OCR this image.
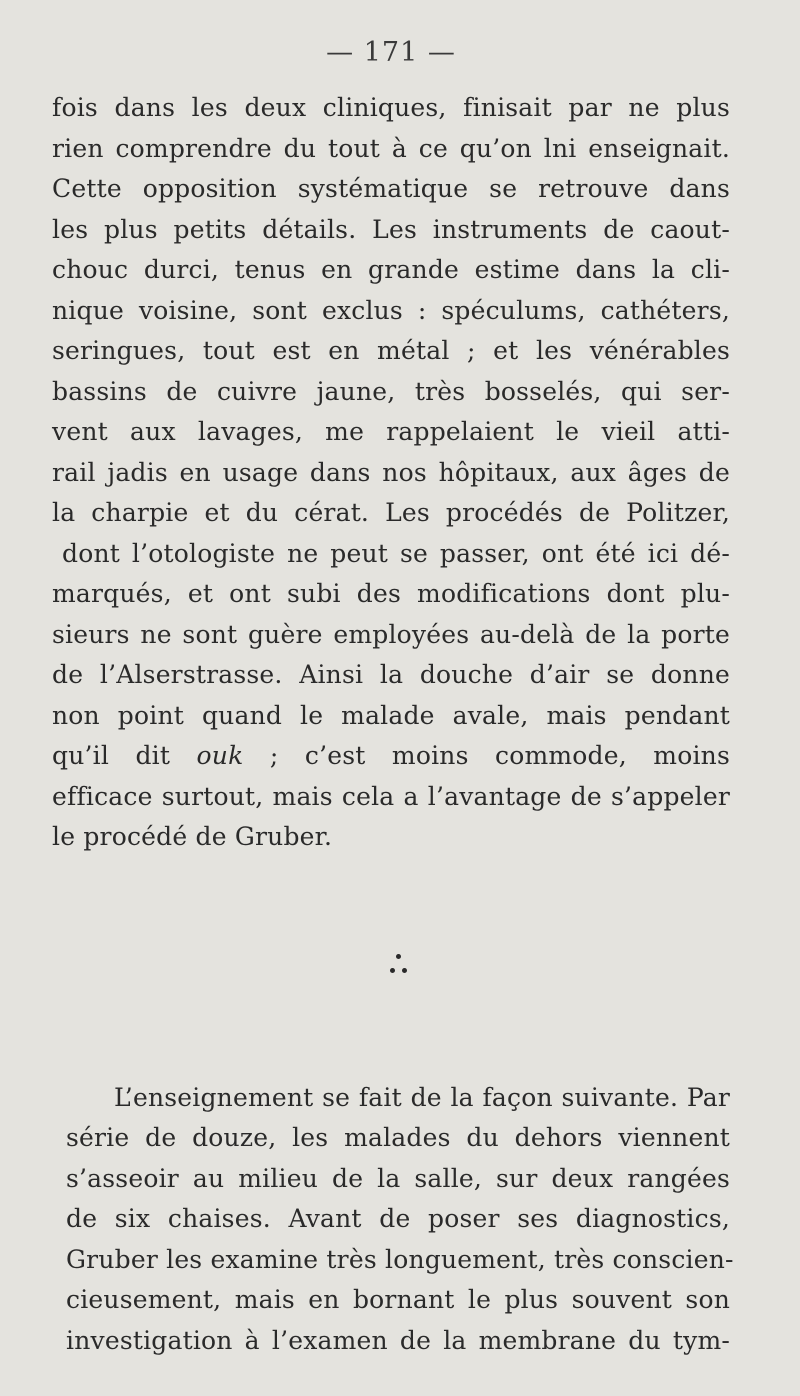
— 171 —

fois dans les deux cliniques, finisait par ne plus
rien comprendre du tout à ce qu’on lni enseignait.
Cette opposition systématique se retrouve dans
les plus petits détails. Les instruments de caout-
chouc durci, tenus en grande estime dans la cli-
nique voisine, sont exclus : spéculums, cathéters,
seringues, tout est en métal ; et les vénérables
bassins de cuivre jaune, très bosselés, qui ser-
vent aux lavages, me rappelaient le vieil atti-
rail jadis en usage dans nos hôpitaux, aux âges de
la charpie et du cérat. Les procédés de Politzer,
dont l’otologiste ne peut se passer, ont été ici dé-
marqués, et ont subi des modifications dont plu-
sieurs ne sont guère employées au-delà de la porte
de l’Alserstrasse. Ainsi la douche d’air se donne
non point quand le malade avale, mais pendant
qu’il dit ouk ; c’est moins commode, moins
efficace surtout, mais cela a l’avantage de s’appeler
le procédé de Gruber.

L’enseignement se fait de la façon suivante. Par
série de douze, les malades du dehors viennent
s’asseoir au milieu de la salle, sur deux rangées
de six chaises. Avant de poser ses diagnostics,
Gruber les examine très longuement, très conscien-
cieusement, mais en bornant le plus souvent son
investigation à l’examen de la membrane du tym-
